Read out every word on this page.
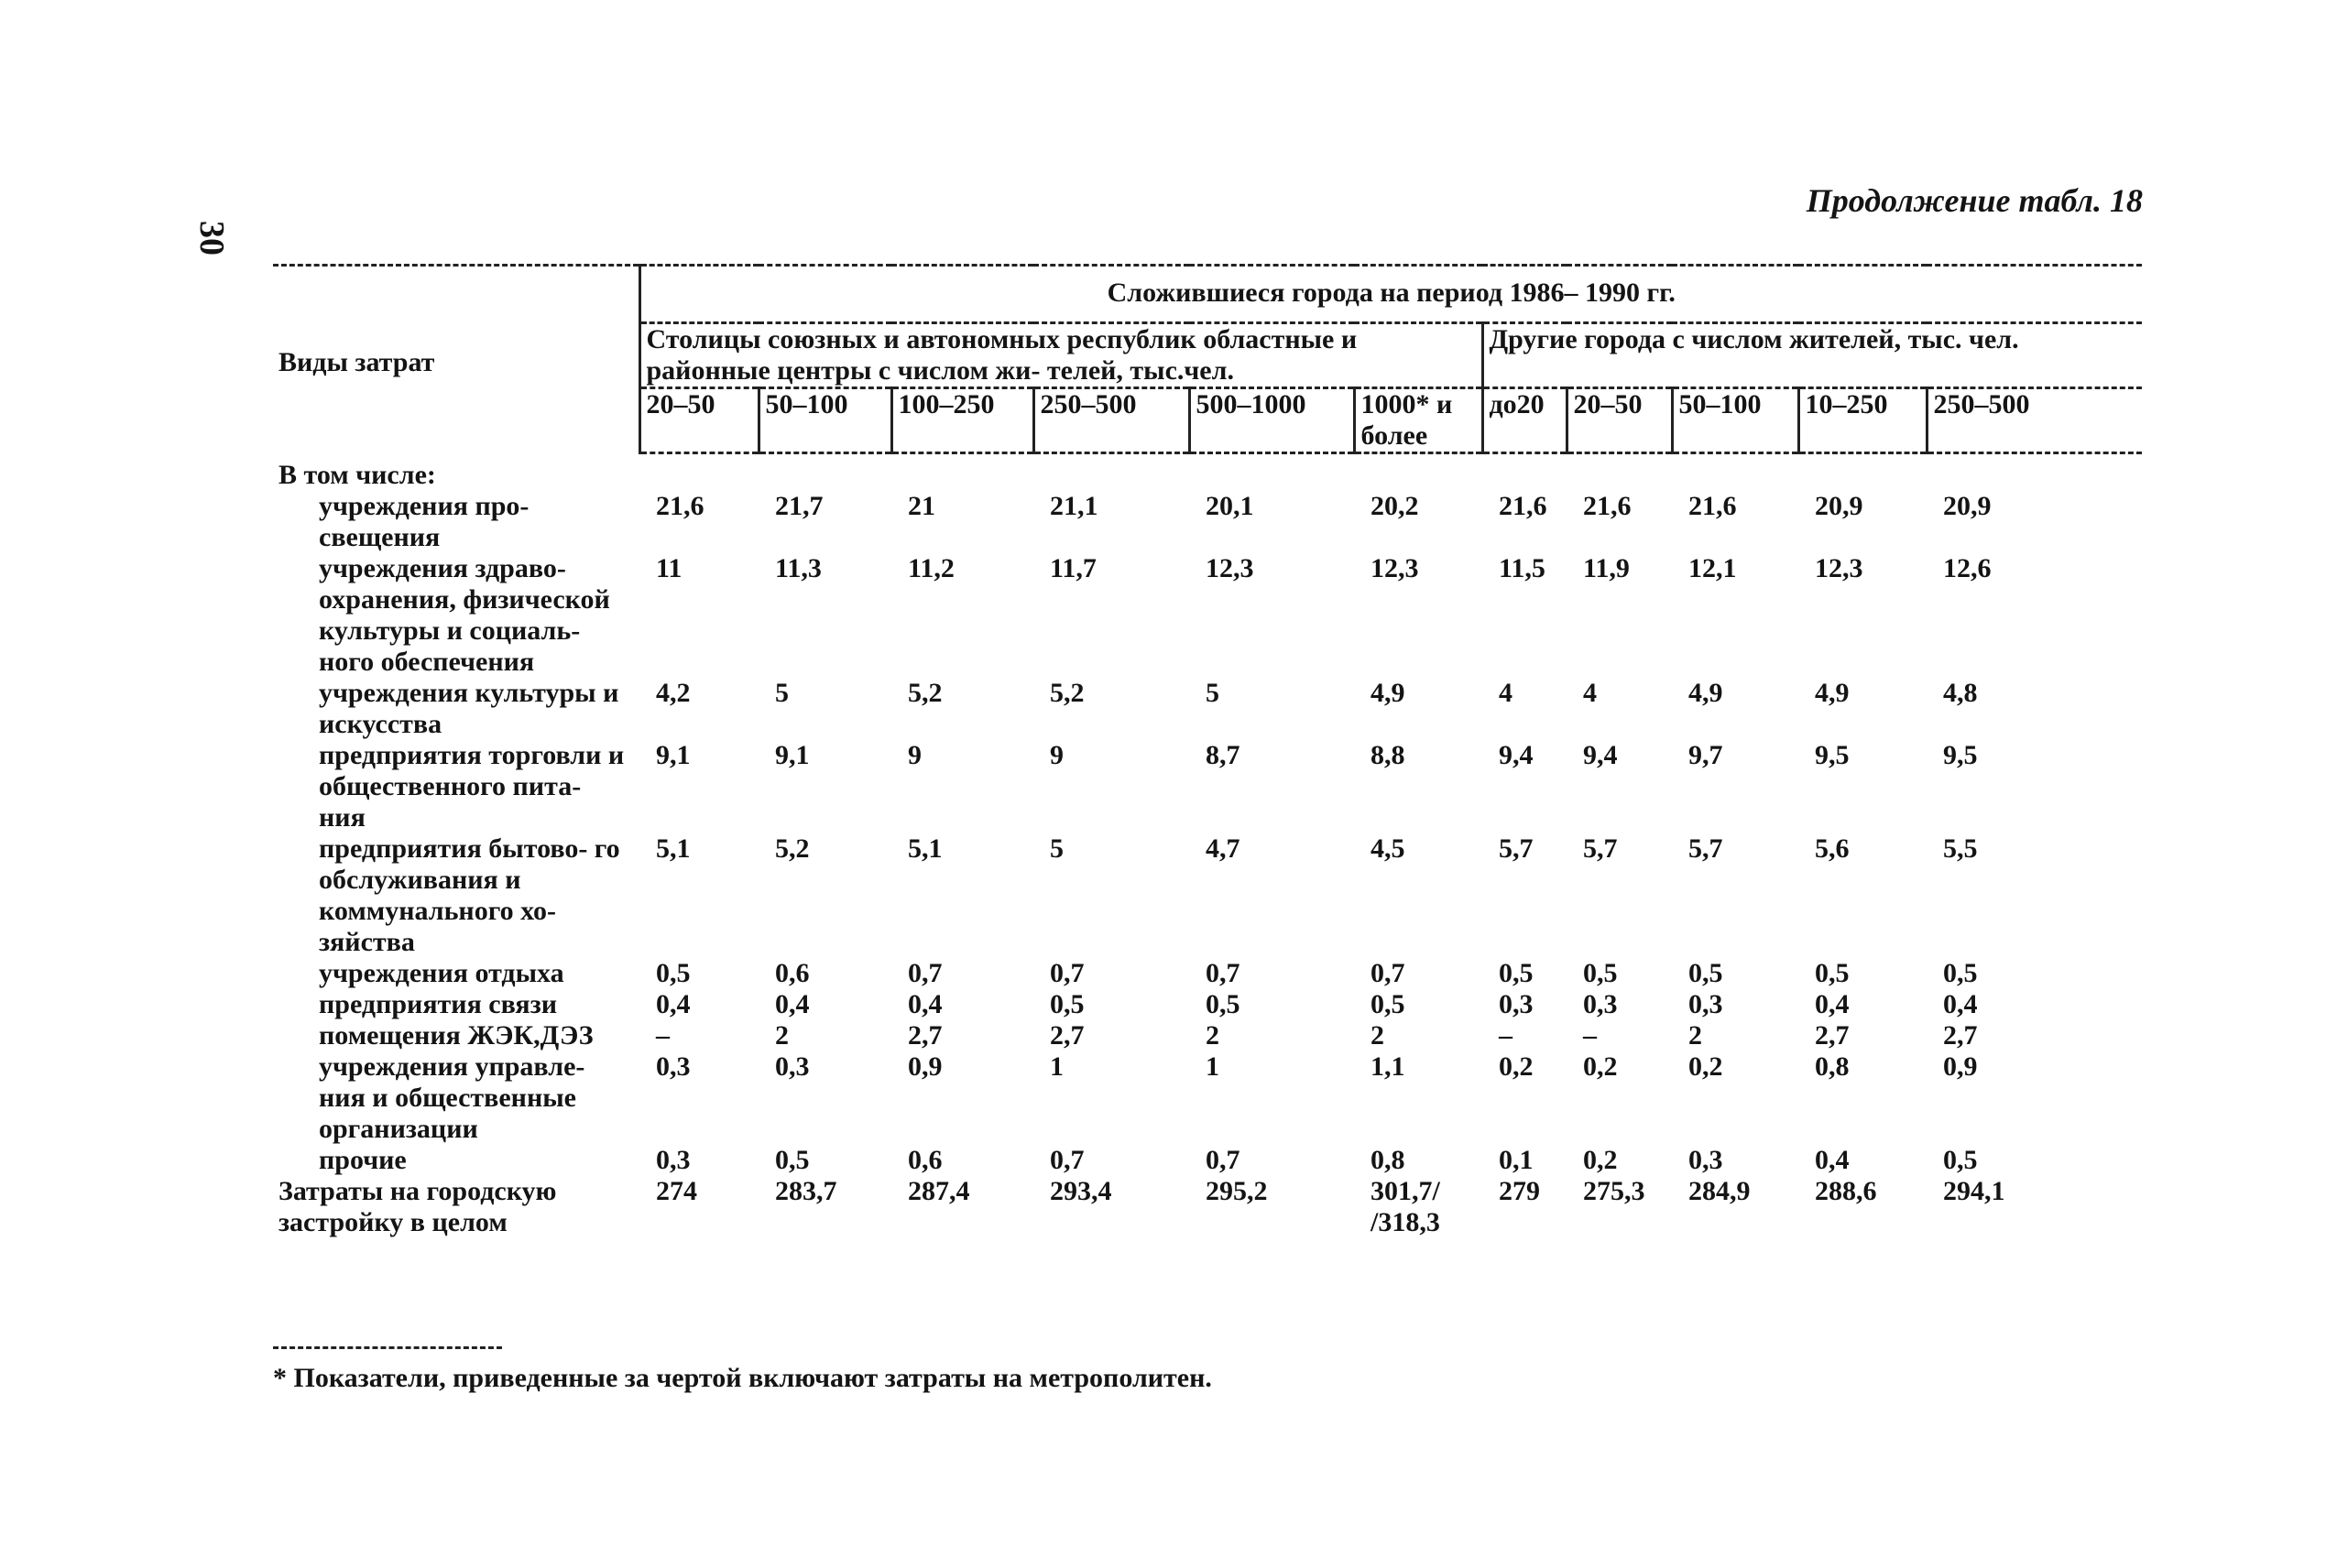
30
Продолжение табл. 18
Виды затрат	Сложившиеся города на период 1986– 1990 гг.										
	Столицы союзных и автономных республик областные и районные центры с числом жи- телей, тыс.чел.						Другие города с числом жителей, тыс. чел.				
	20–50	50–100	100–250	250–500	500–1000	1000* и более	до20	20–50	50–100	10–250	250–500
В том числе:											
учреждения про- свещения	21,6	21,7	21	21,1	20,1	20,2	21,6	21,6	21,6	20,9	20,9
учреждения здраво- охранения, физической культуры и социаль- ного обеспечения	11	11,3	11,2	11,7	12,3	12,3	11,5	11,9	12,1	12,3	12,6
учреждения культуры и искусства	4,2	5	5,2	5,2	5	4,9	4	4	4,9	4,9	4,8
предприятия торговли и общественного пита- ния	9,1	9,1	9	9	8,7	8,8	9,4	9,4	9,7	9,5	9,5
предприятия бытово- го обслуживания и коммунального хо- зяйства	5,1	5,2	5,1	5	4,7	4,5	5,7	5,7	5,7	5,6	5,5
учреждения отдыха	0,5	0,6	0,7	0,7	0,7	0,7	0,5	0,5	0,5	0,5	0,5
предприятия связи	0,4	0,4	0,4	0,5	0,5	0,5	0,3	0,3	0,3	0,4	0,4
помещения ЖЭК,ДЭЗ	–	2	2,7	2,7	2	2	–	–	2	2,7	2,7
учреждения управле- ния и общественные организации	0,3	0,3	0,9	1	1	1,1	0,2	0,2	0,2	0,8	0,9
прочие	0,3	0,5	0,6	0,7	0,7	0,8	0,1	0,2	0,3	0,4	0,5
Затраты на городскую застройку в целом	274	283,7	287,4	293,4	295,2	301,7/ /318,3	279	275,3	284,9	288,6	294,1
* Показатели, приведенные за чертой включают затраты на метрополитен.
